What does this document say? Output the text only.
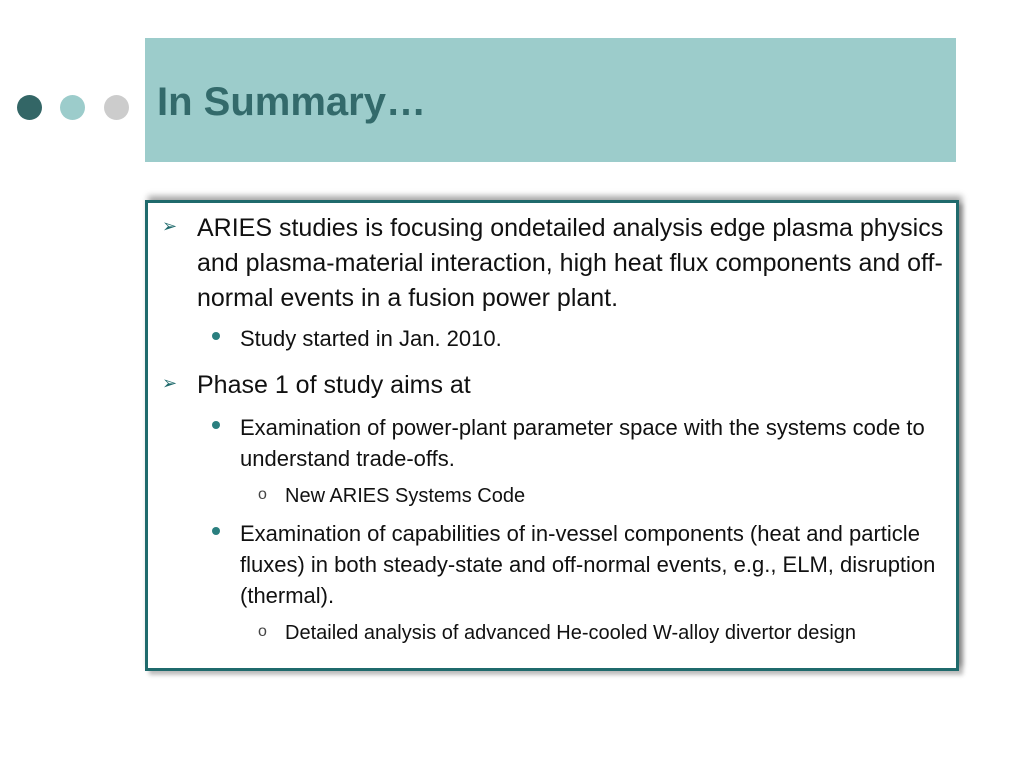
In Summary…
➢ ARIES studies is focusing ondetailed analysis edge plasma physics and plasma-material interaction, high heat flux components and off-normal events in a fusion power plant.
Study started in Jan. 2010.
➢ Phase 1 of study aims at
Examination of power-plant parameter space with the systems code to understand trade-offs.
o New ARIES Systems Code
Examination of capabilities of in-vessel components (heat and particle fluxes) in both steady-state and off-normal events, e.g., ELM, disruption (thermal).
o Detailed analysis of advanced He-cooled W-alloy divertor design
